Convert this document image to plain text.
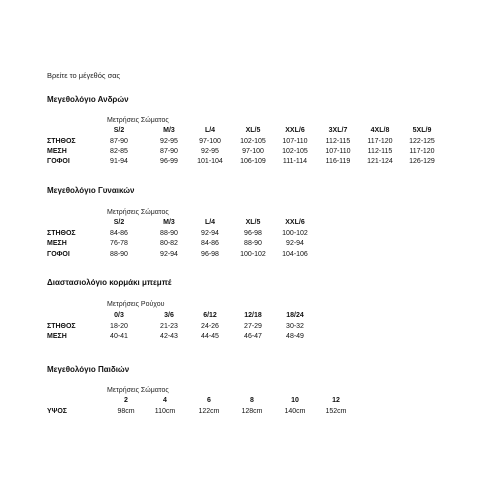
Βρείτε το μέγεθός σας
Μεγεθολόγιο Ανδρών
Μετρήσεις Σώματος
S/2	M/3	L/4	XL/5	XXL/6	3XL/7	4XL/8	5XL/9
ΣΤΗΘΟΣ	87-90	92-95	97-100	102-105	107-110	112-115	117-120	122-125
ΜΕΣΗ	82-85	87-90	92-95	97-100	102-105	107-110	112-115	117-120
ΓΟΦΟΙ	91-94	96-99	101-104	106-109	111-114	116-119	121-124	126-129
Μεγεθολόγιο Γυναικών
Μετρήσεις Σώματος
S/2	M/3	L/4	XL/5	XXL/6
ΣΤΗΘΟΣ	84-86	88-90	92-94	96-98	100-102
ΜΕΣΗ	76-78	80-82	84-86	88-90	92-94
ΓΟΦΟΙ	88-90	92-94	96-98	100-102	104-106
Διαστασιολόγιο κορμάκι μπεμπέ
Μετρήσεις Ρούχου
0/3	3/6	6/12	12/18	18/24
ΣΤΗΘΟΣ	18-20	21-23	24-26	27-29	30-32
ΜΕΣΗ	40-41	42-43	44-45	46-47	48-49
Μεγεθολόγιο Παιδιών
Μετρήσεις Σώματος
2	4	6	8	10	12
ΥΨΟΣ	98cm	110cm	122cm	128cm	140cm	152cm
